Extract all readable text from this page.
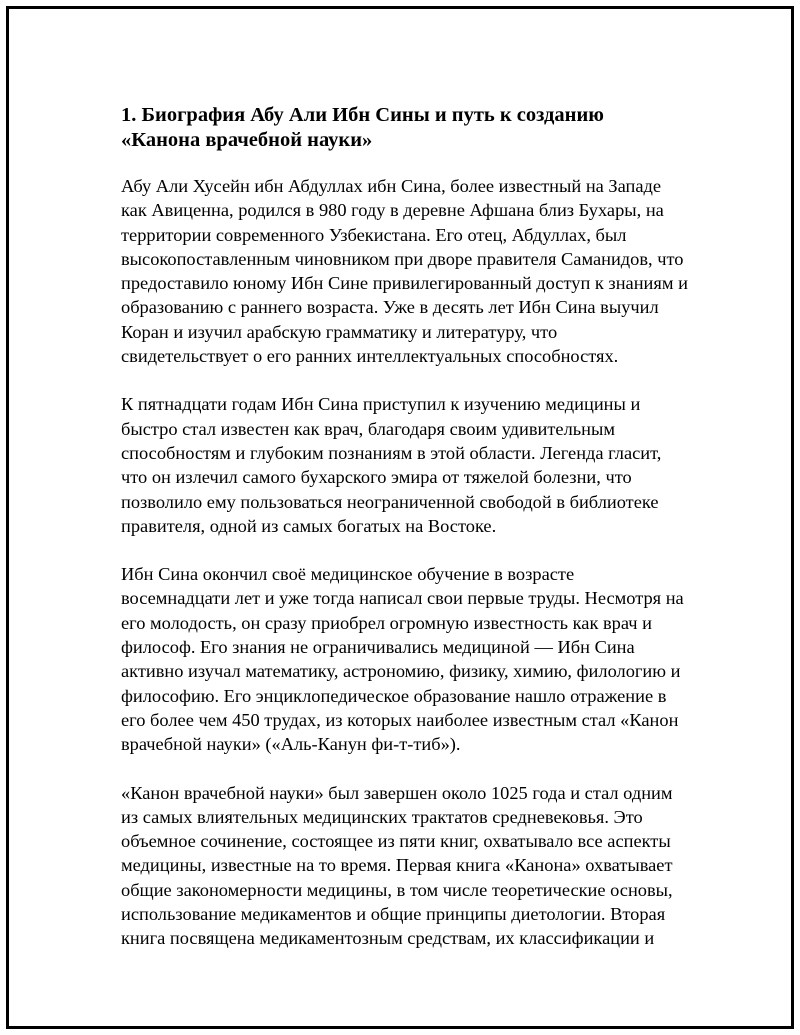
1. Биография Абу Али Ибн Сины и путь к созданию
«Канона врачебной науки»

Абу Али Хусейн ибн Абдуллах ибн Сина, более известный на Западе
как Авиценна, родился в 980 году в деревне Афшана близ Бухары, на
территории современного Узбекистана. Его отец, Абдуллах, был
высокопоставленным чиновником при дворе правителя Саманидов, что
предоставило юному Ибн Сине привилегированный доступ к знаниям и
образованию с раннего возраста. Уже в десять лет Ибн Сина выучил
Коран и изучил арабскую грамматику и литературу, что
свидетельствует о его ранних интеллектуальных способностях.

К пятнадцати годам Ибн Сина приступил к изучению медицины и
быстро стал известен как врач, благодаря своим удивительным
способностям и глубоким познаниям в этой области. Легенда гласит,
что он излечил самого бухарского эмира от тяжелой болезни, что
позволило ему пользоваться неограниченной свободой в библиотеке
правителя, одной из самых богатых на Востоке.

Ибн Сина окончил своё медицинское обучение в возрасте
восемнадцати лет и уже тогда написал свои первые труды. Несмотря на
его молодость, он сразу приобрел огромную известность как врач и
философ. Его знания не ограничивались медициной — Ибн Сина
активно изучал математику, астрономию, физику, химию, филологию и
философию. Его энциклопедическое образование нашло отражение в
его более чем 450 трудах, из которых наиболее известным стал «Канон
врачебной науки» («Аль-Канун фи-т-тиб»).

«Канон врачебной науки» был завершен около 1025 года и стал одним
из самых влиятельных медицинских трактатов средневековья. Это
объемное сочинение, состоящее из пяти книг, охватывало все аспекты
медицины, известные на то время. Первая книга «Канона» охватывает
общие закономерности медицины, в том числе теоретические основы,
использование медикаментов и общие принципы диетологии. Вторая
книга посвящена медикаментозным средствам, их классификации и
